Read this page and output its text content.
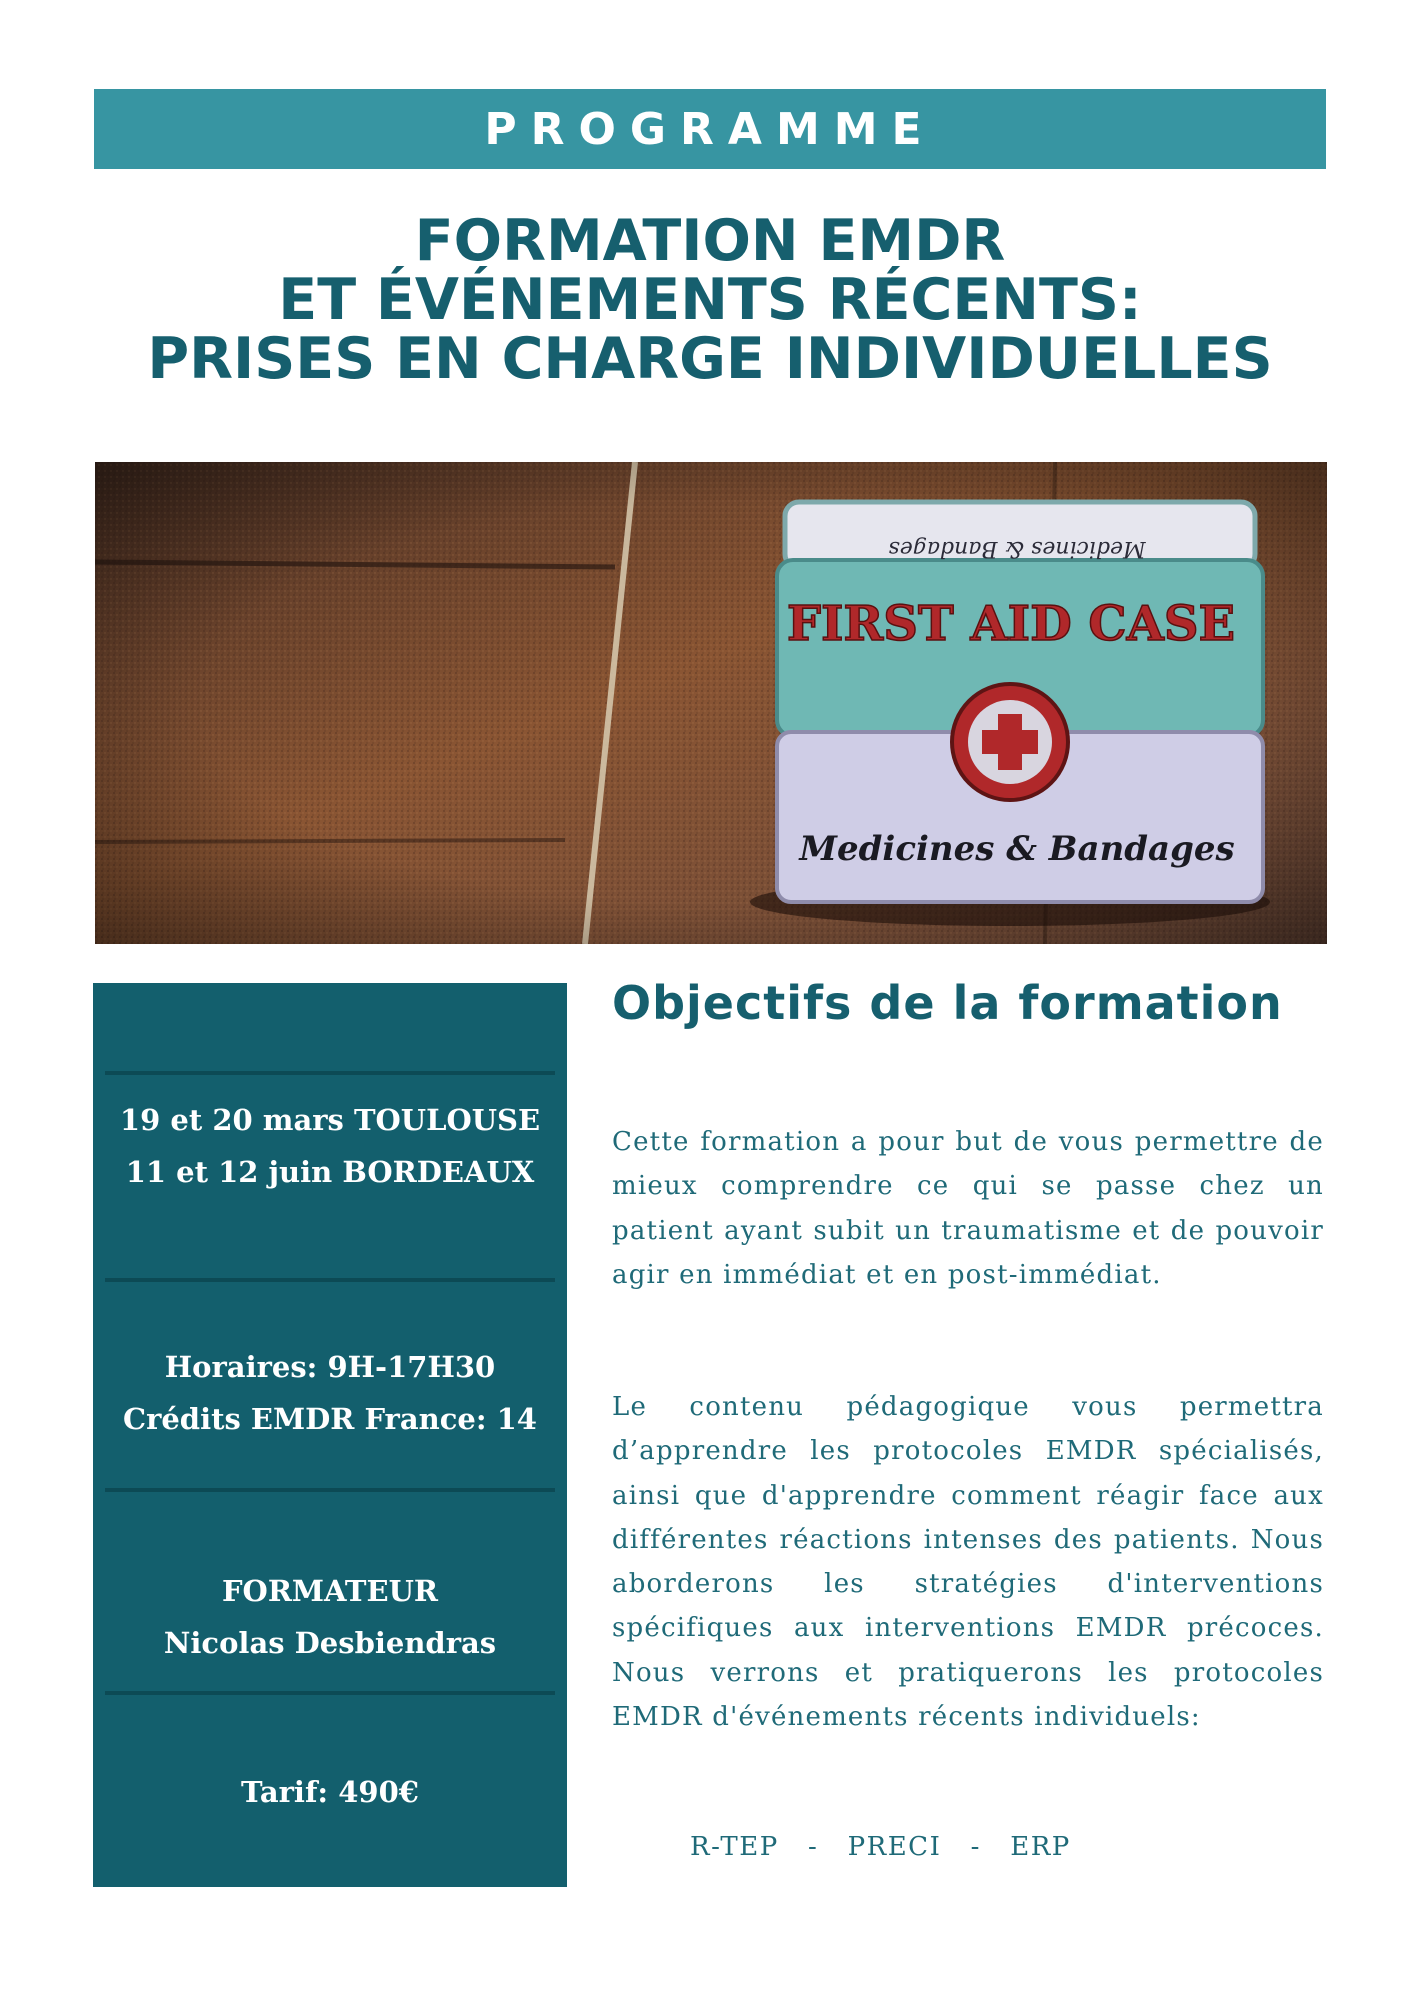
PROGRAMME
FORMATION EMDR
ET ÉVÉNEMENTS RÉCENTS:
PRISES EN CHARGE INDIVIDUELLES
FIRST AID CASE
Medicines & Bandages
Medicines & Bandages
19 et 20 mars TOULOUSE
11 et 12 juin BORDEAUX
Horaires: 9H-17H30
Crédits EMDR France: 14
FORMATEUR
Nicolas Desbiendras
Tarif: 490€
Objectifs de la formation
Cette formation a pour but de vous permettre de mieux comprendre ce qui se passe chez un patient ayant subit un traumatisme et de pouvoir agir en immédiat et en post-immédiat.
Le contenu pédagogique vous permettra d’apprendre les protocoles EMDR spécialisés, ainsi que d'apprendre comment réagir face aux différentes réactions intenses des patients. Nous aborderons les stratégies d'interventions spécifiques aux interventions EMDR précoces. Nous verrons et pratiquerons les protocoles EMDR d'événements récents individuels:
R-TEP   -   PRECI   -   ERP
